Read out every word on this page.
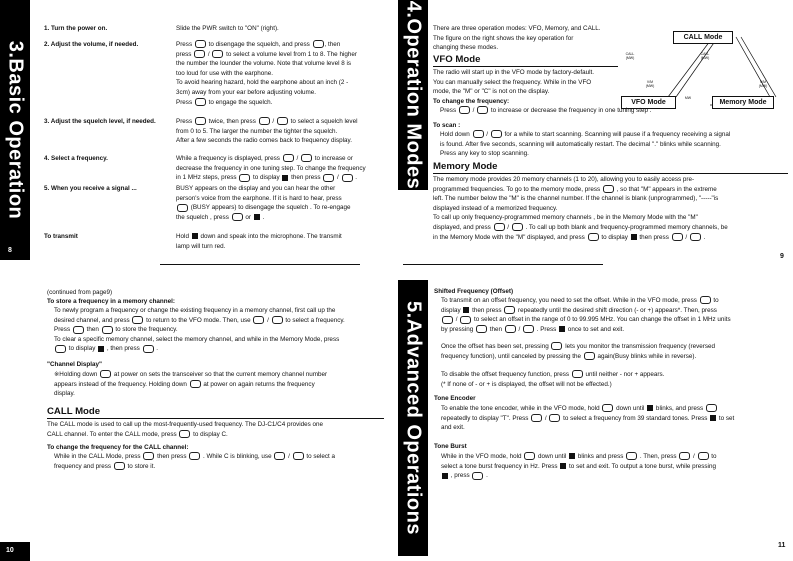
3.Basic Operation
8
1. Turn the power on.	Slide the PWR switch to "ON" (right).
2. Adjust the volume, if needed.	Press  to disengage the squelch, and press , then
press  /  to select a volume level from 1 to 8. The higher
the number the lounder the volume. Note that volume level 8 is
too loud for use with the earphone.
To avoid hearing hazard, hold the earphone about an inch (2 -
3cm) away from your ear before adjusting volume.
Press  to engage the squelch.
3. Adjust the squelch level, if needed.	Press  twice, then press  /  to select a squelch level
from 0 to 5. The larger the number the tighter the squelch.
After a few seconds the radio comes back to frequency display.
4. Select a frequency.	While a frequency is displayed, press  /  to increase or
decrease the frequency in one tuning step. To change the frequency
in 1 MHz steps, press  to display  then press  /  .
5. When you receive a signal ...	BUSY appears on the display and you can hear the other
person's voice from the earphone. If it is hard to hear, press
(BUSY appears) to disengage the squelch . To re-engage
the squelch , press  or  .
To transmit	Hold  down and speak into the microphone. The transmit
lamp will turn red.
4.Operation Modes There are three operation modes: VFO, Memory, and CALL.
The figure on the right shows the key operation for
changing these modes.
CALL Mode
VFO Mode	Memory Mode
CALL
(MW)
CALL
(MW)
V/M
(MW)
V/M
(MW)
MW
VFO Mode
The radio will start up in the VFO mode by factory-default.
You can manually select the frequency. While in the VFO
mode, the "M" or "C" is not on the display.
To change the frequency:
Press  /  to increase or decrease the frequency in one tuning step .
To scan :
Hold down  /  for a while to start scanning. Scanning will pause if a frequency receiving a signal
is found. After five seconds, scanning will automatically restart. The decimal "." blinks while scanning.
Press any key to stop scanning.
Memory Mode
The memory mode provides 20 memory channels (1 to 20), allowing you to easily access pre-
programmed frequencies. To go to the memory mode, press  , so that "M" appears in the extreme
left. The number below the "M" is the channel number. If the channel is blank (unprogrammed), "-----"is
displayed instead of a memorized frequency.
To call up only frequency-programmed memory channels , be in the Memory Mode with the "M"
displayed, and press  /  . To call up both blank and frequency-programmed memory channels, be
in the Memory Mode with the "M" displayed, and press  to display  then press  /  .
9
(continued from page9)
To store a frequency in a memory channel:
To newly program a frequency or change the existing frequency in a memory channel, first call up the
desired channel, and press  to return to the VFO mode. Then, use  /  to select a frequency.
Press  then  to store the frequency.
To clear a specific memory channel, select the memory channel, and while in the Memory Mode, press
to display  , then press  .
"Channel Display"
※Holding down  at power on sets the transceiver so that the current memory channel number
appears instead of the frequency. Holding down  at power on again returns the frequency
display.
CALL Mode
The CALL mode is used to call up the most-frequently-used frequency. The DJ-C1/C4 provides one
CALL channel. To enter the CALL mode, press  to display C.
To change the frequency for the CALL channel:
While in the CALL Mode, press  then press  . While C is blinking, use  /  to select a
frequency and press  to store it.
10
5.Advanced Operations
Shifted Frequency (Offset)
To transmit on an offset frequency, you need to set the offset. While in the VFO mode, press  to
display  then press  repeatedly until the desired shift direction (- or +) appears*. Then, press
/  to select an offset in the range of 0 to 99.995 MHz. You can change the offset in 1 MHz units
by pressing  then  /  . Press  once to set and exit.
Once the offset has been set, pressing  lets you monitor the transmission frequency (reversed
frequency function), until canceled by pressing the  again(Busy blinks while in reverse).
To disable the offset frequency function, press  until neither - nor + appears.
(* If none of - or + is displayed, the offset will not be effected.)
Tone Encoder
To enable the tone encoder, while in the VFO mode, hold  down until  blinks, and press
repeatedly to display "T". Press  /  to select a frequency from 39 standard tones. Press  to set
and exit.
Tone Burst
While in the VFO mode, hold  down until  blinks and press  . Then, press  /  to
select a tone burst frequency in Hz. Press  to set and exit. To output a tone burst, while pressing
, press  .
11
